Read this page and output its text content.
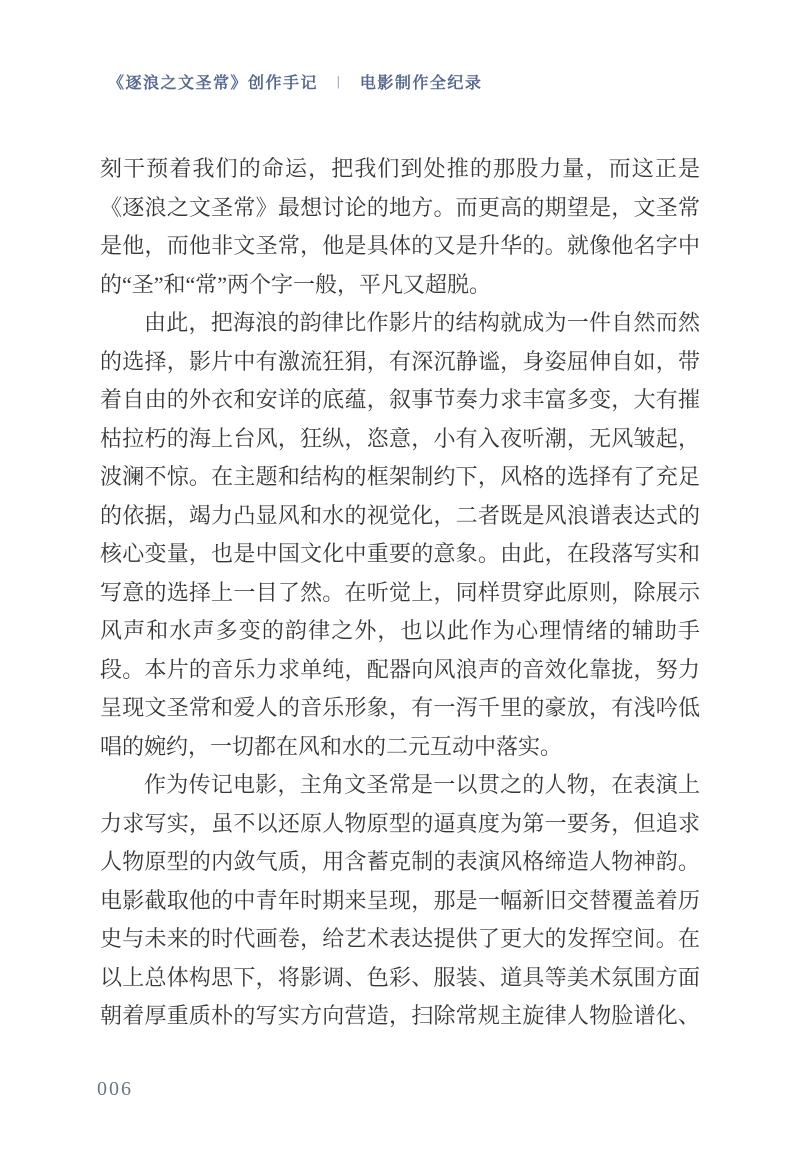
《逐浪之文圣常》创作手记 | 电影制作全纪录
刻干预着我们的命运，把我们到处推的那股力量，而这正是
《逐浪之文圣常》最想讨论的地方。而更高的期望是，文圣常
是他，而他非文圣常，他是具体的又是升华的。就像他名字中
的“圣”和“常”两个字一般，平凡又超脱。
由此，把海浪的韵律比作影片的结构就成为一件自然而然
的选择，影片中有激流狂狷，有深沉静谧，身姿屈伸自如，带
着自由的外衣和安详的底蕴，叙事节奏力求丰富多变，大有摧
枯拉朽的海上台风，狂纵，恣意，小有入夜听潮，无风皱起，
波澜不惊。在主题和结构的框架制约下，风格的选择有了充足
的依据，竭力凸显风和水的视觉化，二者既是风浪谱表达式的
核心变量，也是中国文化中重要的意象。由此，在段落写实和
写意的选择上一目了然。在听觉上，同样贯穿此原则，除展示
风声和水声多变的韵律之外，也以此作为心理情绪的辅助手
段。本片的音乐力求单纯，配器向风浪声的音效化靠拢，努力
呈现文圣常和爱人的音乐形象，有一泻千里的豪放，有浅吟低
唱的婉约，一切都在风和水的二元互动中落实。
作为传记电影，主角文圣常是一以贯之的人物，在表演上
力求写实，虽不以还原人物原型的逼真度为第一要务，但追求
人物原型的内敛气质，用含蓄克制的表演风格缔造人物神韵。
电影截取他的中青年时期来呈现，那是一幅新旧交替覆盖着历
史与未来的时代画卷，给艺术表达提供了更大的发挥空间。在
以上总体构思下，将影调、色彩、服装、道具等美术氛围方面
朝着厚重质朴的写实方向营造，扫除常规主旋律人物脸谱化、
006
